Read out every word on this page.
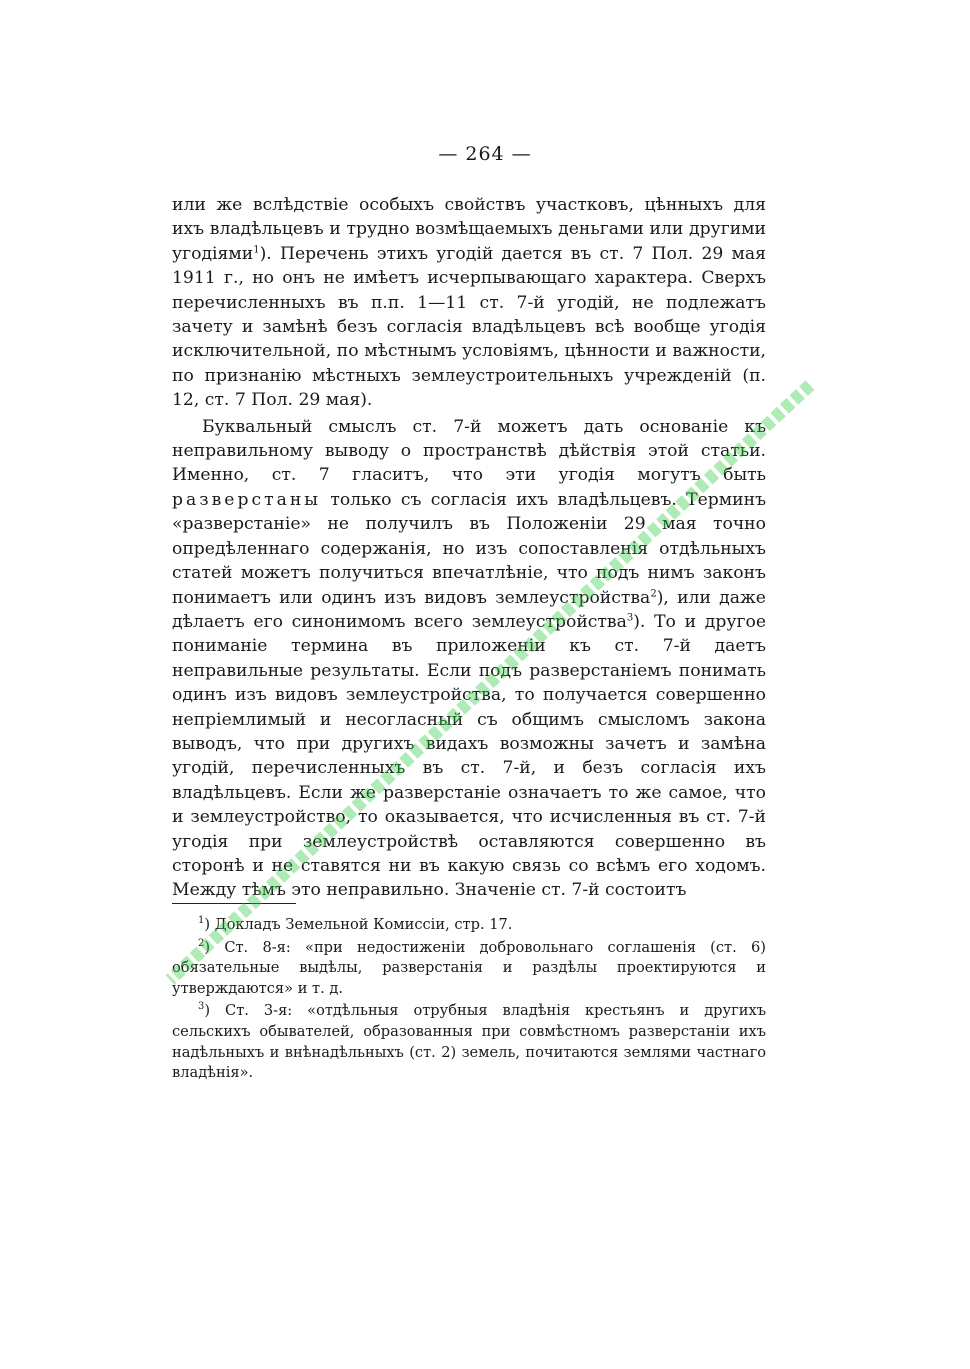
— 264 —

или же вслѣдствіе особыхъ свойствъ участковъ, цѣнныхъ для ихъ владѣльцевъ и трудно возмѣщаемыхъ деньгами или другими угодіями$^1$). Перечень этихъ угодій дается въ ст. 7 Пол. 29 мая 1911 г., но онъ не имѣетъ исчерпывающаго характера. Сверхъ перечисленныхъ въ п.п. 1—11 ст. 7-й угодій, не подлежатъ зачету и замѣнѣ безъ согласія владѣльцевъ всѣ вообще угодія исключительной, по мѣстнымъ условіямъ, цѣнности и важности, по признанію мѣстныхъ землеустроительныхъ учрежденій (п. 12, ст. 7 Пол. 29 мая).

Буквальный смыслъ ст. 7-й можетъ дать основаніе къ неправильному выводу о пространствѣ дѣйствія этой статьи. Именно, ст. 7 гласитъ, что эти угодія могутъ быть разверстаны только съ согласія ихъ владѣльцевъ. Терминъ «разверстаніе» не получилъ въ Положеніи 29 мая точно опредѣленнаго содержанія, но изъ сопоставленія отдѣльныхъ статей можетъ получиться впечатлѣніе, что подъ нимъ законъ понимаетъ или одинъ изъ видовъ землеустройства$^2$), или даже дѣлаетъ его синонимомъ всего землеустройства$^3$). То и другое пониманіе термина въ приложеніи къ ст. 7-й даетъ неправильные результаты. Если подъ разверстаніемъ понимать одинъ изъ видовъ землеустройства, то получается совершенно непріемлимый и несогласный съ общимъ смысломъ закона выводъ, что при другихъ видахъ возможны зачетъ и замѣна угодій, перечисленныхъ въ ст. 7-й, и безъ согласія ихъ владѣльцевъ. Если же разверстаніе означаетъ то же самое, что и землеустройство, то оказывается, что исчисленныя въ ст. 7-й угодія при землеустройствѣ оставляются совершенно въ сторонѣ и не ставятся ни въ какую связь со всѣмъ его ходомъ. Между тѣмъ это неправильно. Значеніе ст. 7-й состоитъ

$^1$) Докладъ Земельной Комиссіи, стр. 17.

$^2$) Ст. 8-я: «при недостиженіи добровольнаго соглашенія (ст. 6) обязательные выдѣлы, разверстанія и раздѣлы проектируются и утверждаются» и т. д.

$^3$) Ст. 3-я: «отдѣльныя отрубныя владѣнія крестьянъ и другихъ сельскихъ обывателей, образованныя при совмѣстномъ разверстаніи ихъ надѣльныхъ и внѣнадѣльныхъ (ст. 2) земель, почитаются землями частнаго владѣнія».
